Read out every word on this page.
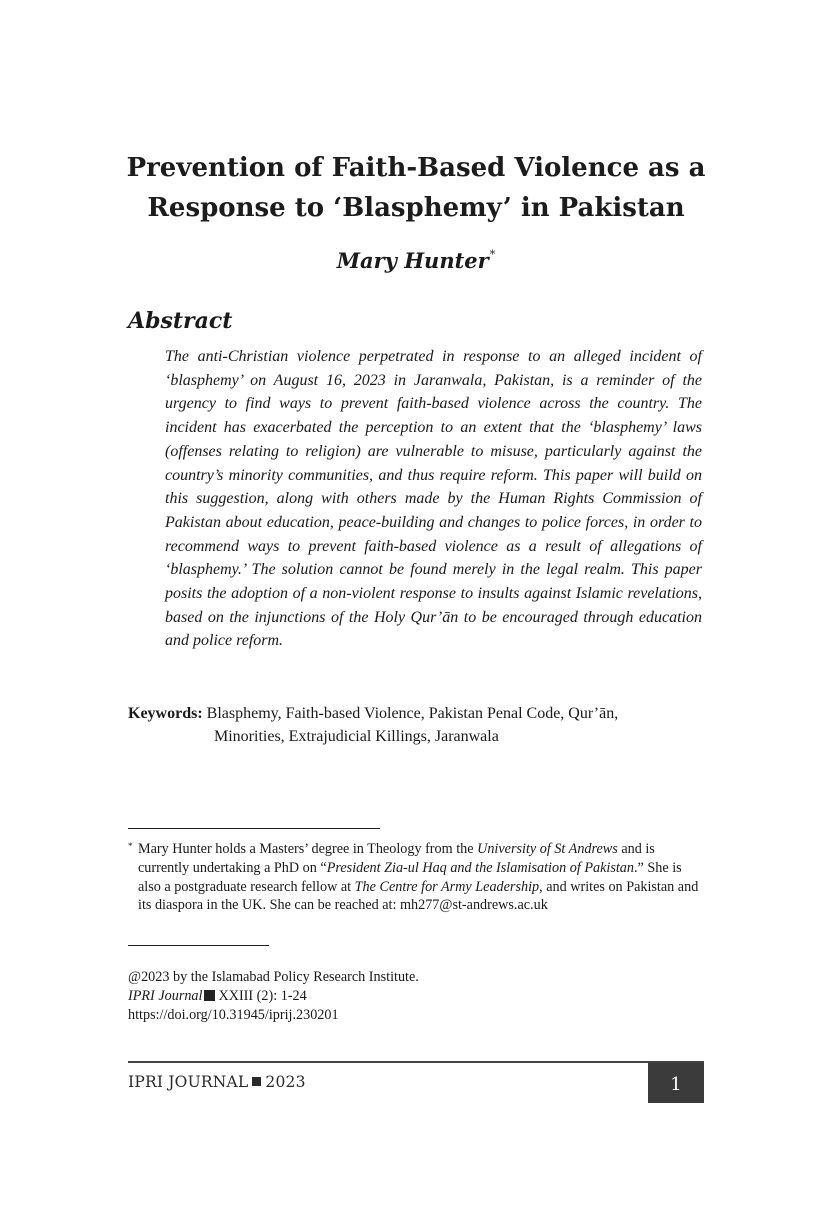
Prevention of Faith-Based Violence as a
Response to ‘Blasphemy’ in Pakistan
Mary Hunter*
Abstract

The anti-Christian violence perpetrated in response to an alleged incident of ‘blasphemy’ on August 16, 2023 in Jaranwala, Pakistan, is a reminder of the urgency to find ways to prevent faith-based violence across the country. The incident has exacerbated the perception to an extent that the ‘blasphemy’ laws (offenses relating to religion) are vulnerable to misuse, particularly against the country’s minority communities, and thus require reform. This paper will build on this suggestion, along with others made by the Human Rights Commission of Pakistan about education, peace-building and changes to police forces, in order to recommend ways to prevent faith-based violence as a result of allegations of ‘blasphemy.’ The solution cannot be found merely in the legal realm. This paper posits the adoption of a non-violent response to insults against Islamic revelations, based on the injunctions of the Holy Qur’ān to be encouraged through education and police reform.

Keywords: Blasphemy, Faith-based Violence, Pakistan Penal Code, Qur’ān,
Minorities, Extrajudicial Killings, Jaranwala
* Mary Hunter holds a Masters’ degree in Theology from the University of St Andrews and is currently undertaking a PhD on “President Zia-ul Haq and the Islamisation of Pakistan.” She is also a postgraduate research fellow at The Centre for Army Leadership, and writes on Pakistan and its diaspora in the UK. She can be reached at: mh277@st-andrews.ac.uk
@2023 by the Islamabad Policy Research Institute.
IPRI Journal XXIII (2): 1-24
https://doi.org/10.31945/iprij.230201
IPRI JOURNAL 2023	1
